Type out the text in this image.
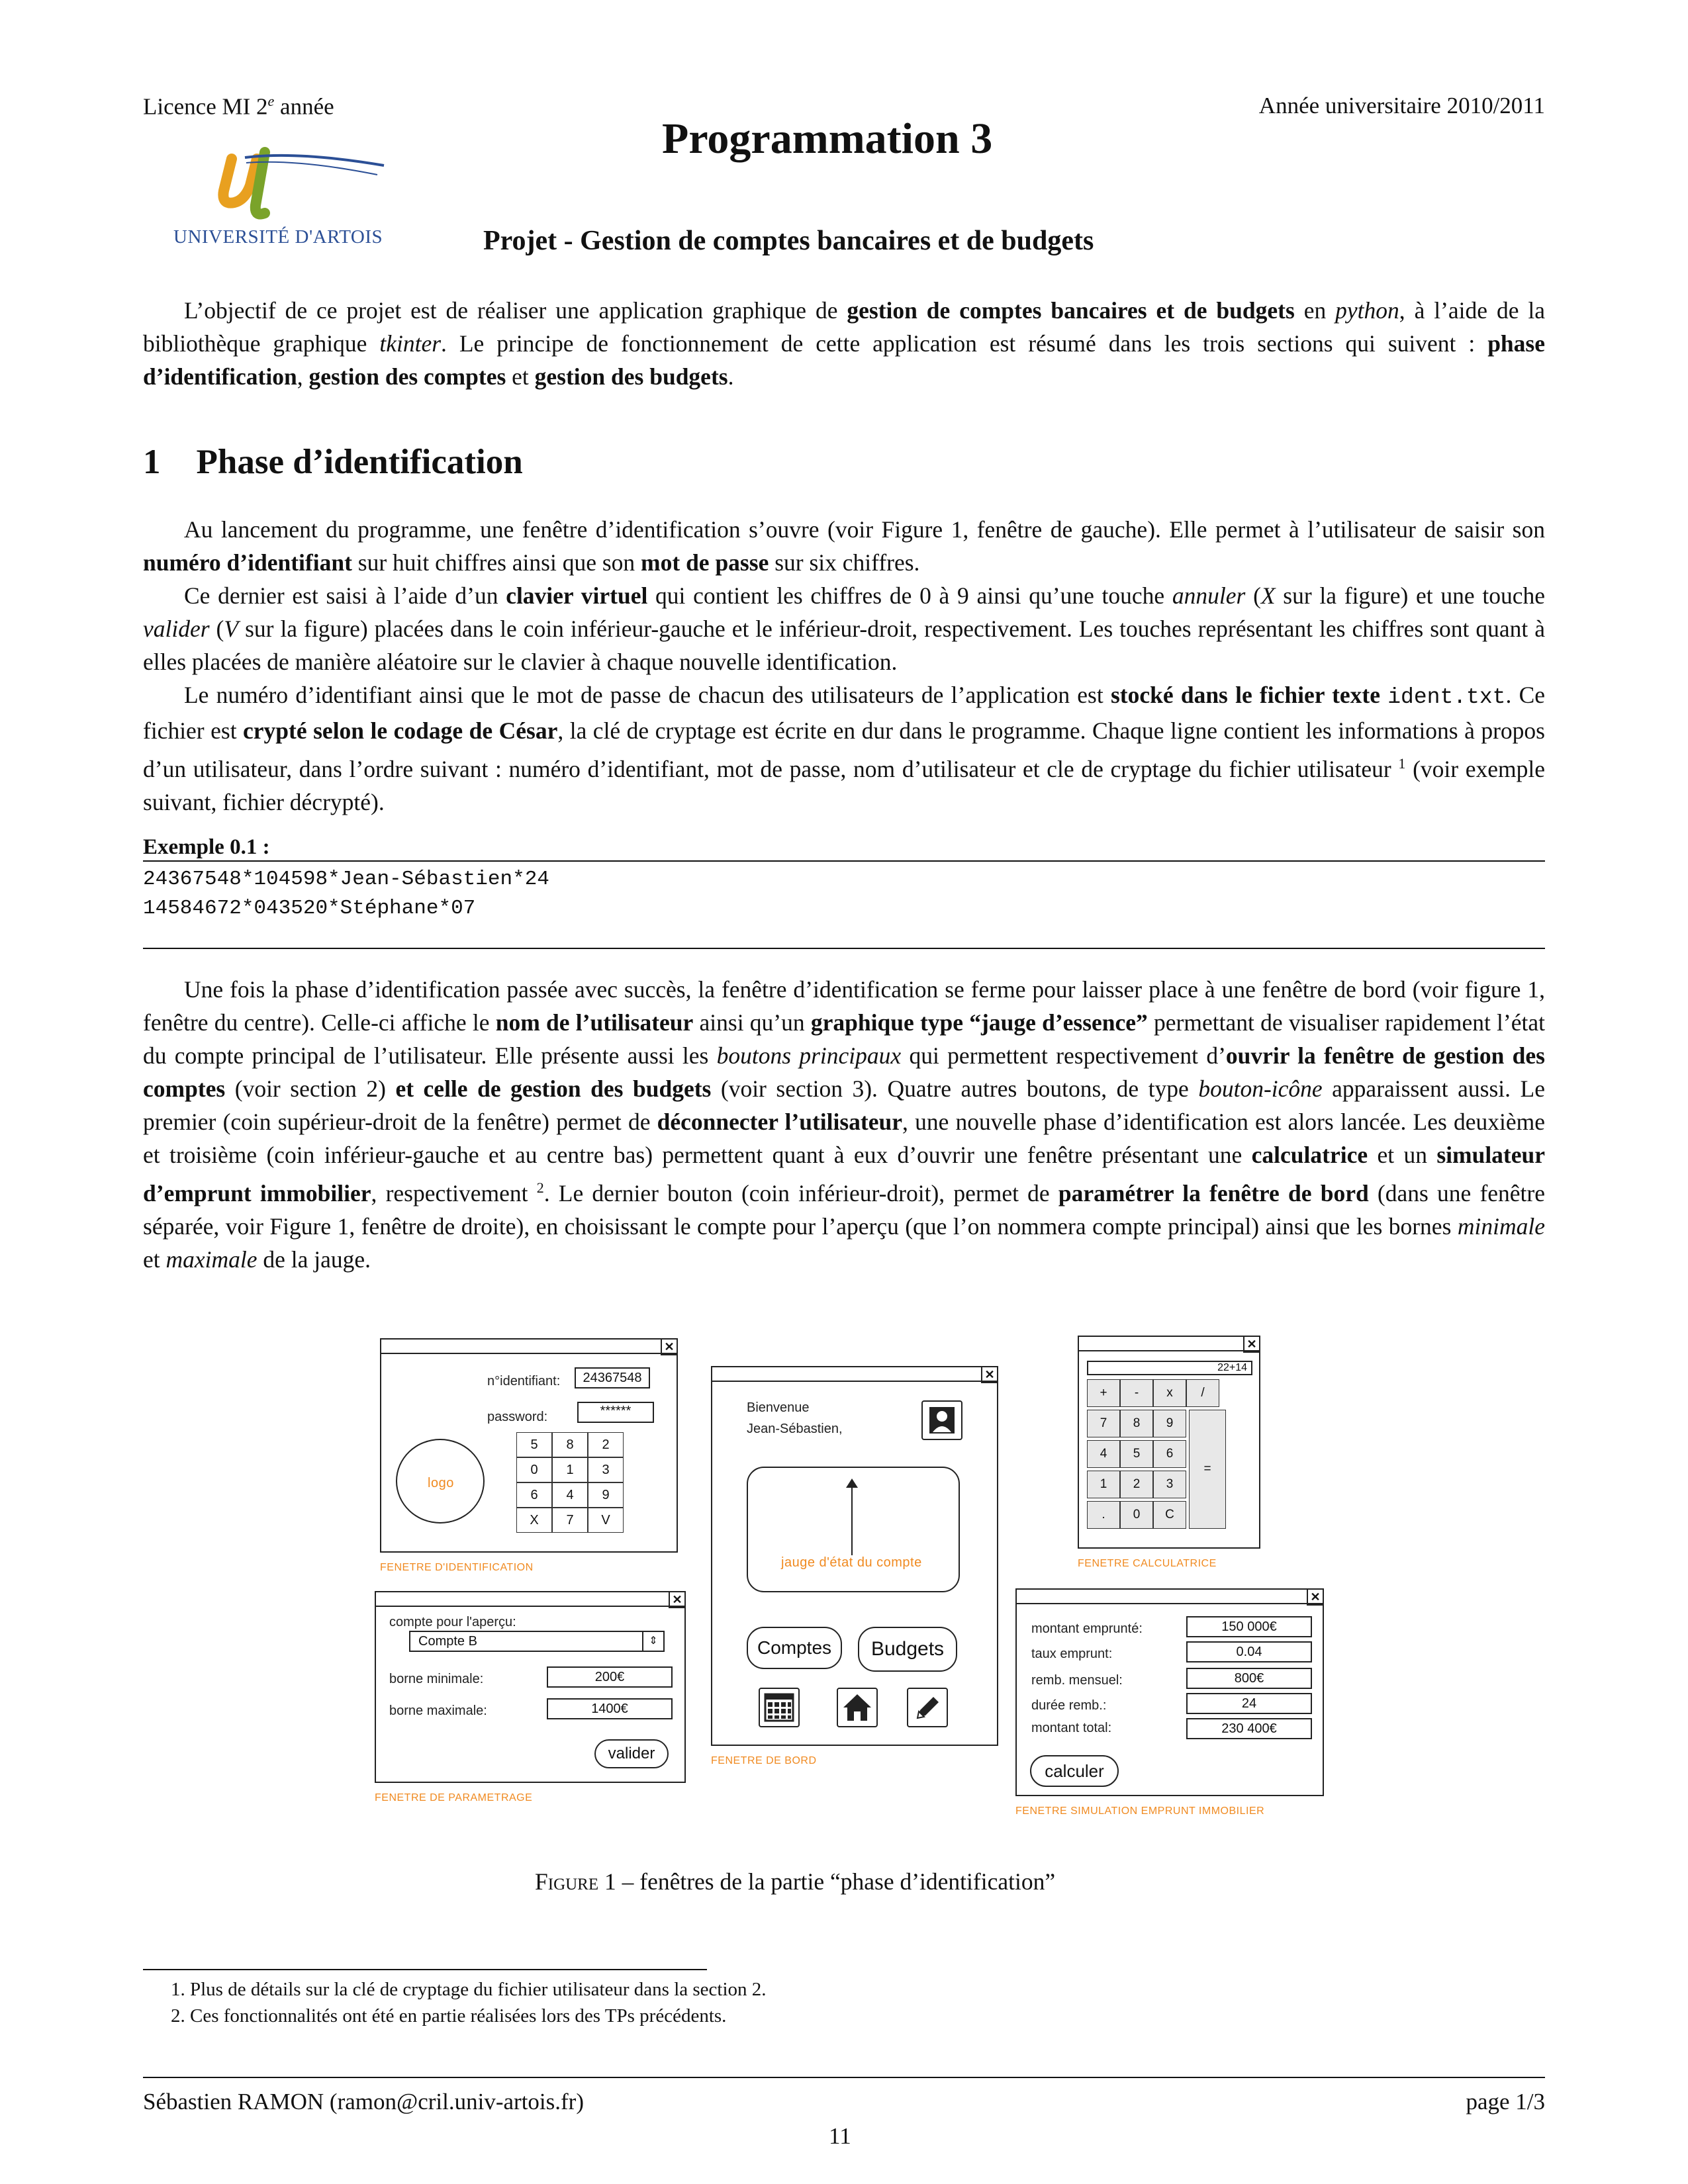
Licence MI 2e année	Année universitaire 2010/2011
Programmation 3
Projet - Gestion de comptes bancaires et de budgets
UNIVERSITÉ D'ARTOIS
L’objectif de ce projet est de réaliser une application graphique de gestion de comptes bancaires et de budgets en python, à l’aide de la bibliothèque graphique tkinter. Le principe de fonctionnement de cette application est résumé dans les trois sections qui suivent : phase d’identification, gestion des comptes et gestion des budgets.
1 Phase d’identification
Au lancement du programme, une fenêtre d’identification s’ouvre (voir Figure 1, fenêtre de gauche). Elle permet à l’utilisateur de saisir son numéro d’identifiant sur huit chiffres ainsi que son mot de passe sur six chiffres.
Ce dernier est saisi à l’aide d’un clavier virtuel qui contient les chiffres de 0 à 9 ainsi qu’une touche annuler (X sur la figure) et une touche valider (V sur la figure) placées dans le coin inférieur-gauche et le inférieur-droit, respectivement. Les touches représentant les chiffres sont quant à elles placées de manière aléatoire sur le clavier à chaque nouvelle identification.
Le numéro d’identifiant ainsi que le mot de passe de chacun des utilisateurs de l’application est stocké dans le fichier texte ident.txt. Ce fichier est crypté selon le codage de César, la clé de cryptage est écrite en dur dans le programme. Chaque ligne contient les informations à propos d’un utilisateur, dans l’ordre suivant : numéro d’identifiant, mot de passe, nom d’utilisateur et cle de cryptage du fichier utilisateur $^1$ (voir exemple suivant, fichier décrypté).
Exemple 0.1 :
24367548*104598*Jean-Sébastien*24
14584672*043520*Stéphane*07
Une fois la phase d’identification passée avec succès, la fenêtre d’identification se ferme pour laisser place à une fenêtre de bord (voir figure 1, fenêtre du centre). Celle-ci affiche le nom de l’utilisateur ainsi qu’un graphique type “jauge d’essence” permettant de visualiser rapidement l’état du compte principal de l’utilisateur. Elle présente aussi les boutons principaux qui permettent respectivement d’ouvrir la fenêtre de gestion des comptes (voir section 2) et celle de gestion des budgets (voir section 3). Quatre autres boutons, de type bouton-icône apparaissent aussi. Le premier (coin supérieur-droit de la fenêtre) permet de déconnecter l’utilisateur, une nouvelle phase d’identification est alors lancée. Les deuxième et troisième (coin inférieur-gauche et au centre bas) permettent quant à eux d’ouvrir une fenêtre présentant une calculatrice et un simulateur d’emprunt immobilier, respectivement $^2$. Le dernier bouton (coin inférieur-droit), permet de paramétrer la fenêtre de bord (dans une fenêtre séparée, voir Figure 1, fenêtre de droite), en choisissant le compte pour l’aperçu (que l’on nommera compte principal) ainsi que les bornes minimale et maximale de la jauge.
✕
n°identifiant:	24367548
password:	******
logo
5	8	2
0	1	3
6	4	9
X	7	V
FENETRE D'IDENTIFICATION
✕
compte pour l'aperçu:
Compte B	⇕
borne minimale:	200€
borne maximale:	1400€
valider
FENETRE DE PARAMETRAGE
✕
Bienvenue
Jean-Sébastien,
jauge d'état du compte
Comptes	Budgets
FENETRE DE BORD
✕
22+14
+	-	x	/
7	8	9
4	5	6
1	2	3
.	0	C
=
FENETRE CALCULATRICE
✕
montant emprunté:	150 000€
taux emprunt:	0.04
remb. mensuel:	800€
durée remb.:	24
montant total:	230 400€
calculer
FENETRE SIMULATION EMPRUNT IMMOBILIER
Figure 1 – fenêtres de la partie “phase d’identification”
1. Plus de détails sur la clé de cryptage du fichier utilisateur dans la section 2.
2. Ces fonctionnalités ont été en partie réalisées lors des TPs précédents.
Sébastien RAMON (ramon@cril.univ-artois.fr)	page 1/3
11
